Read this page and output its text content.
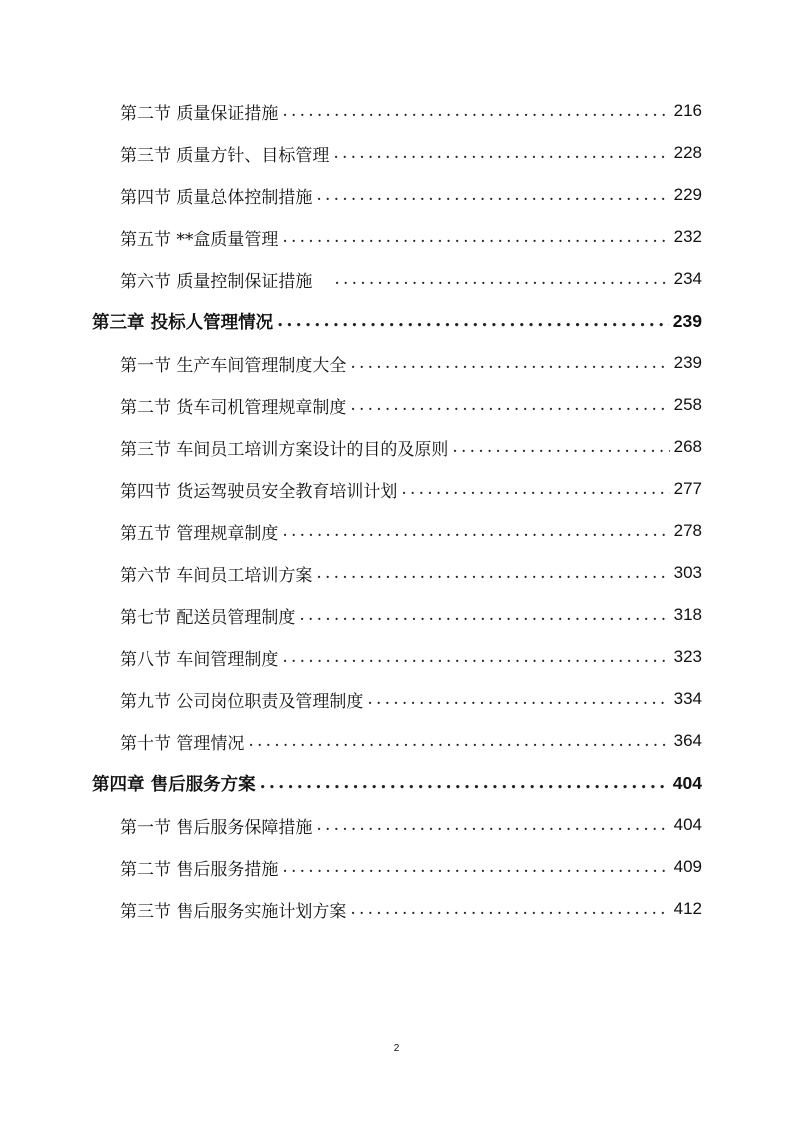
第二节 质量保证措施 .....	216
第三节 质量方针、目标管理 .....	228
第四节 质量总体控制措施 .....	229
第五节 **盒质量管理 .....	232
第六节 质量控制保证措施 .....	234
第三章 投标人管理情况 .....	239
第一节 生产车间管理制度大全 .....	239
第二节 货车司机管理规章制度 .....	258
第三节 车间员工培训方案设计的目的及原则 .....	268
第四节 货运驾驶员安全教育培训计划 .....	277
第五节 管理规章制度 .....	278
第六节 车间员工培训方案 .....	303
第七节 配送员管理制度 .....	318
第八节 车间管理制度 .....	323
第九节 公司岗位职责及管理制度 .....	334
第十节 管理情况 .....	364
第四章 售后服务方案 .....	404
第一节 售后服务保障措施 .....	404
第二节 售后服务措施 .....	409
第三节 售后服务实施计划方案 .....	412
2
